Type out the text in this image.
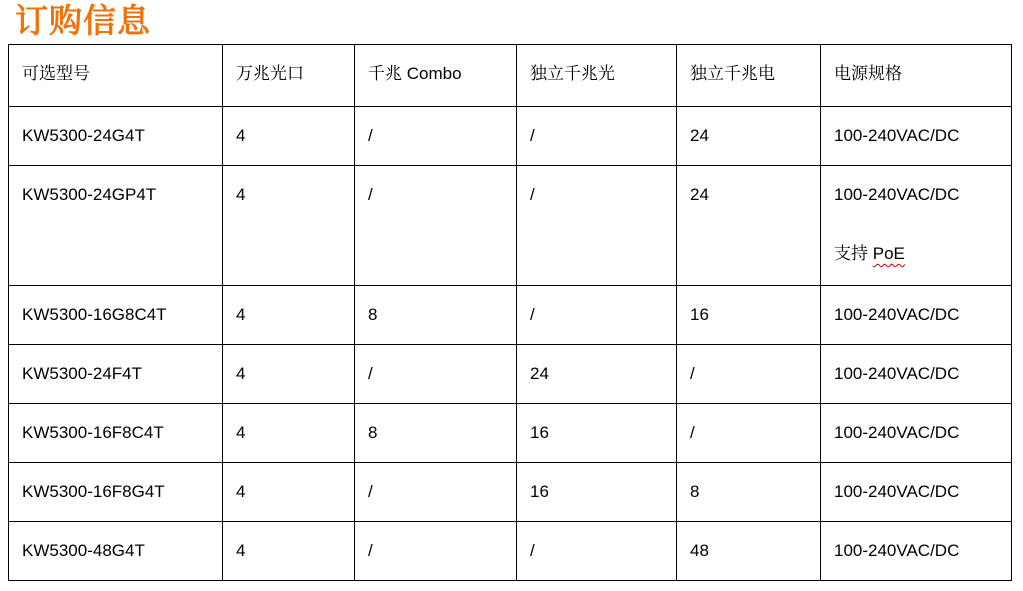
订购信息
可选型号	万兆光口	千兆 Combo	独立千兆光	独立千兆电	电源规格
KW5300-24G4T	4	/	/	24	100-240VAC/DC
KW5300-24GP4T	4	/	/	24	100-240VAC/DC
支持 PoE

KW5300-16G8C4T	4	8	/	16	100-240VAC/DC
KW5300-24F4T	4	/	24	/	100-240VAC/DC
KW5300-16F8C4T	4	8	16	/	100-240VAC/DC
KW5300-16F8G4T	4	/	16	8	100-240VAC/DC
KW5300-48G4T	4	/	/	48	100-240VAC/DC
